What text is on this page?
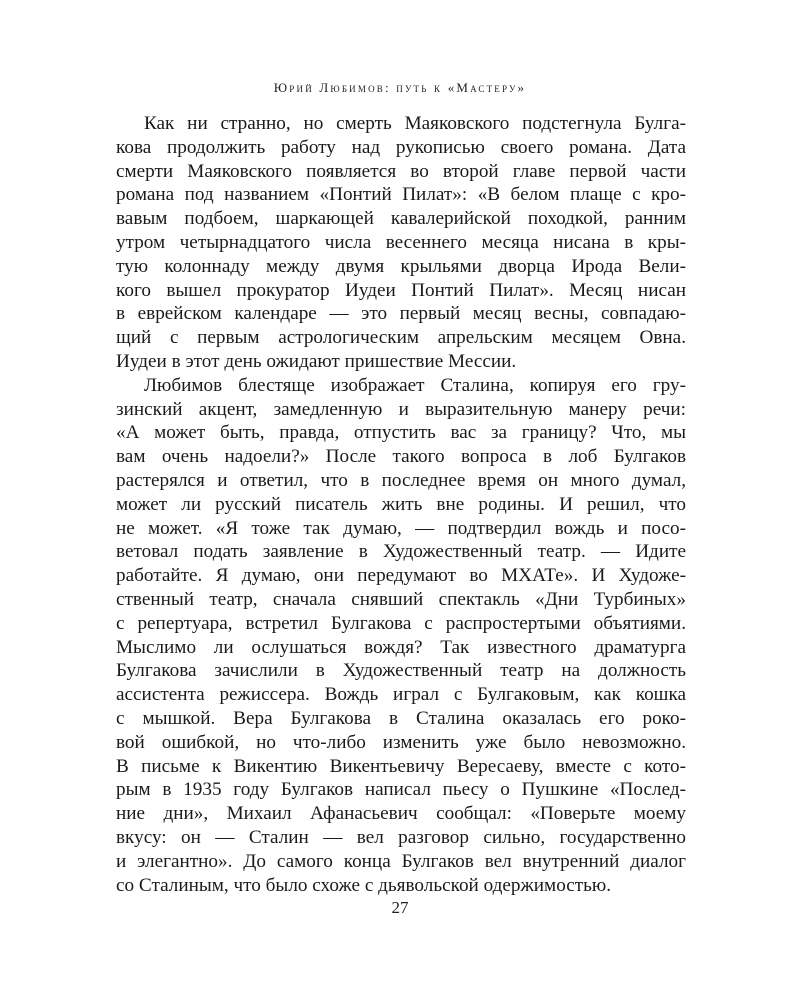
Юрий Любимов: путь к «Мастеру»
Как ни странно, но смерть Маяковского подстегнула Булга-
кова продолжить работу над рукописью своего романа. Дата
смерти Маяковского появляется во второй главе первой части
романа под названием «Понтий Пилат»: «В белом плаще с кро-
вавым подбоем, шаркающей кавалерийской походкой, ранним
утром четырнадцатого числа весеннего месяца нисана в кры-
тую колоннаду между двумя крыльями дворца Ирода Вели-
кого вышел прокуратор Иудеи Понтий Пилат». Месяц нисан
в еврейском календаре — это первый месяц весны, совпадаю-
щий с первым астрологическим апрельским месяцем Овна.
Иудеи в этот день ожидают пришествие Мессии.
Любимов блестяще изображает Сталина, копируя его гру-
зинский акцент, замедленную и выразительную манеру речи:
«А может быть, правда, отпустить вас за границу? Что, мы
вам очень надоели?» После такого вопроса в лоб Булгаков
растерялся и ответил, что в последнее время он много думал,
может ли русский писатель жить вне родины. И решил, что
не может. «Я тоже так думаю, — подтвердил вождь и посо-
ветовал подать заявление в Художественный театр. — Идите
работайте. Я думаю, они передумают во МХАТе». И Художе-
ственный театр, сначала снявший спектакль «Дни Турбиных»
с репертуара, встретил Булгакова с распростертыми объятиями.
Мыслимо ли ослушаться вождя? Так известного драматурга
Булгакова зачислили в Художественный театр на должность
ассистента режиссера. Вождь играл с Булгаковым, как кошка
с мышкой. Вера Булгакова в Сталина оказалась его роко-
вой ошибкой, но что-либо изменить уже было невозможно.
В письме к Викентию Викентьевичу Вересаеву, вместе с кото-
рым в 1935 году Булгаков написал пьесу о Пушкине «Послед-
ние дни», Михаил Афанасьевич сообщал: «Поверьте моему
вкусу: он — Сталин — вел разговор сильно, государственно
и элегантно». До самого конца Булгаков вел внутренний диалог
со Сталиным, что было схоже с дьявольской одержимостью.
27
